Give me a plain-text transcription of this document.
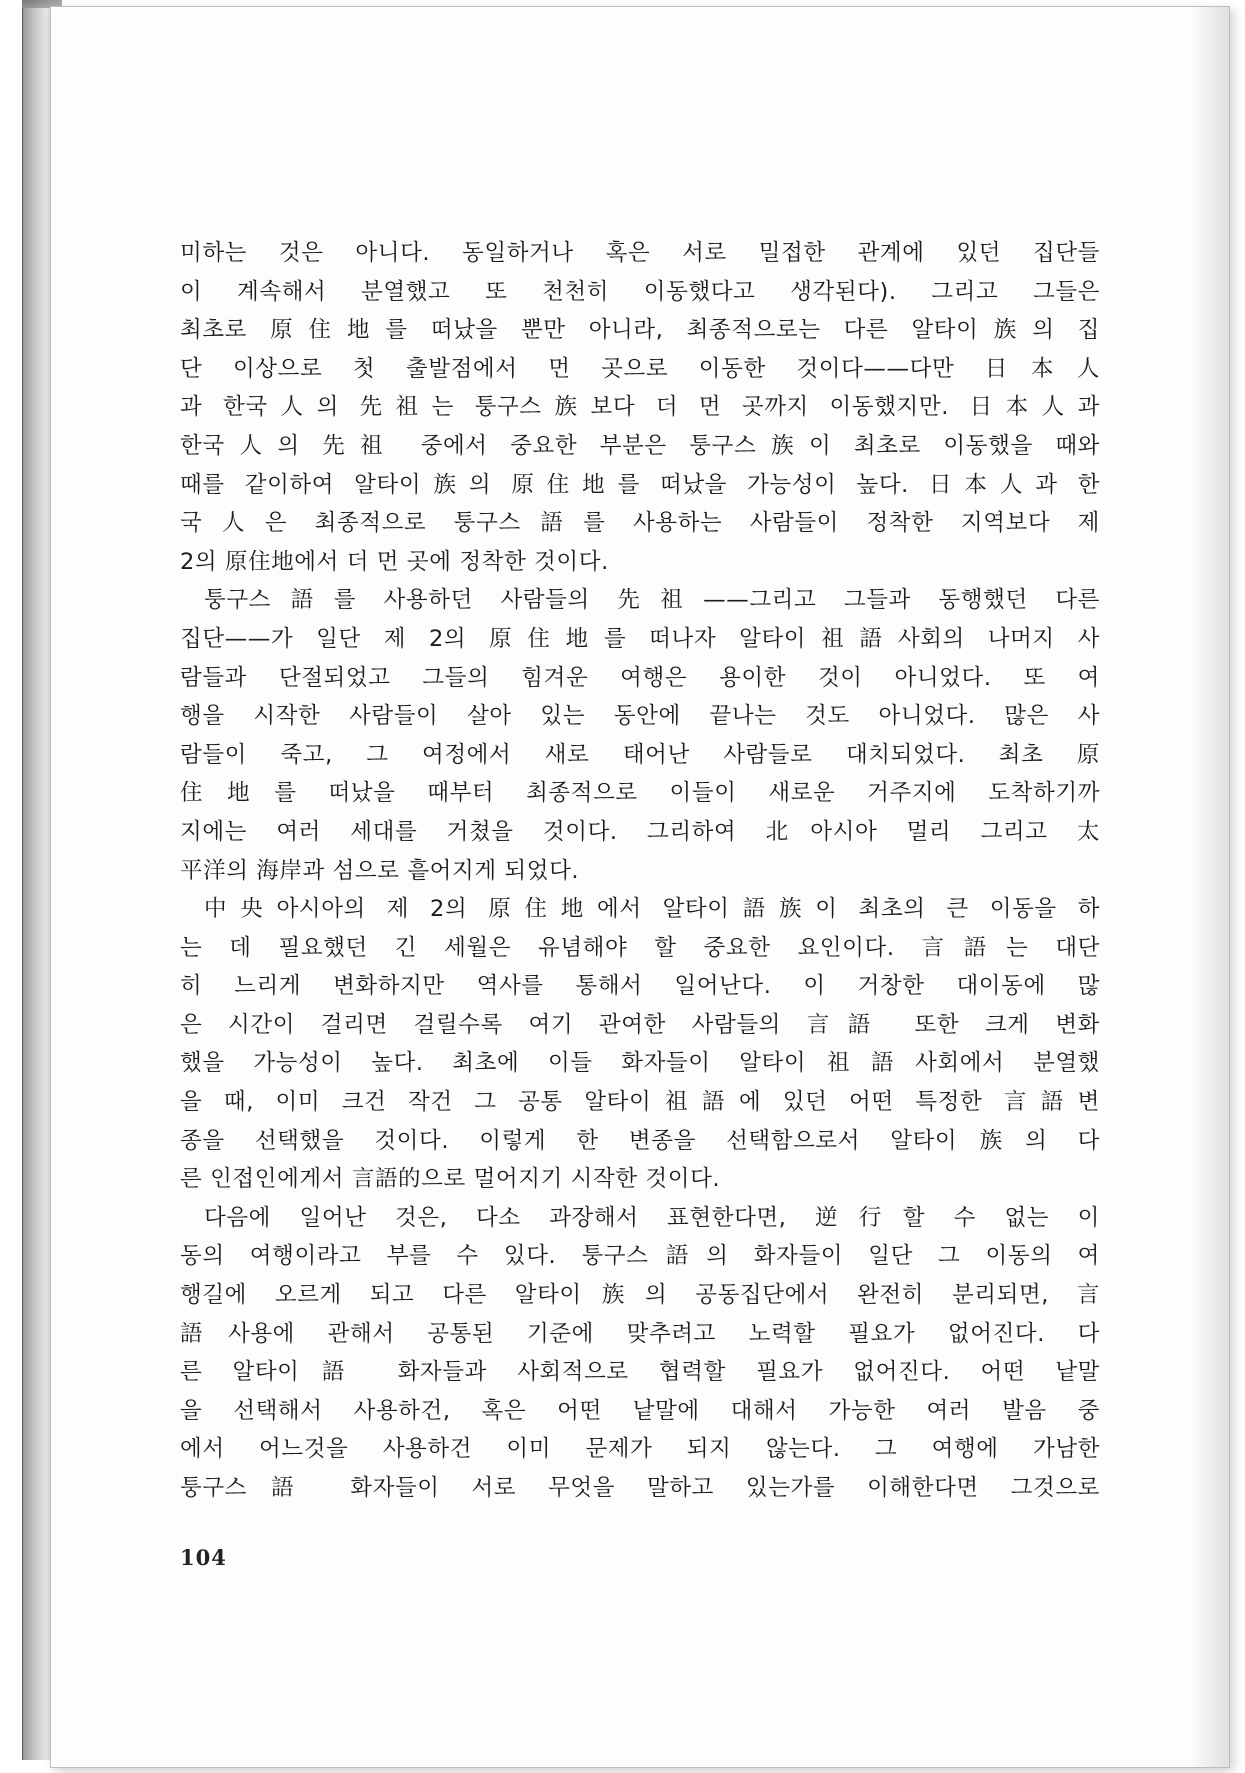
미하는 것은 아니다. 동일하거나 혹은 서로 밀접한 관계에 있던 집단들
이 계속해서 분열했고 또 천천히 이동했다고 생각된다). 그리고 그들은
최초로 原住地를 떠났을 뿐만 아니라, 최종적으로는 다른 알타이族의 집
단 이상으로 첫 출발점에서 먼 곳으로 이동한 것이다——다만 日本人
과 한국人의 先祖는 퉁구스族보다 더 먼 곳까지 이동했지만. 日本人과
한국人의 先祖 중에서 중요한 부분은 퉁구스族이 최초로 이동했을 때와
때를 같이하여 알타이族의 原住地를 떠났을 가능성이 높다. 日本人과 한
국人은 최종적으로 퉁구스語를 사용하는 사람들이 정착한 지역보다 제
2의 原住地에서 더 먼 곳에 정착한 것이다.
퉁구스語를 사용하던 사람들의 先祖——그리고 그들과 동행했던 다른
집단——가 일단 제 2의 原住地를 떠나자 알타이祖語사회의 나머지 사
람들과 단절되었고 그들의 힘겨운 여행은 용이한 것이 아니었다. 또 여
행을 시작한 사람들이 살아 있는 동안에 끝나는 것도 아니었다. 많은 사
람들이 죽고, 그 여정에서 새로 태어난 사람들로 대치되었다. 최초 原
住地를 떠났을 때부터 최종적으로 이들이 새로운 거주지에 도착하기까
지에는 여러 세대를 거쳤을 것이다. 그리하여 北아시아 멀리 그리고 太
平洋의 海岸과 섬으로 흩어지게 되었다.
中央아시아의 제 2의 原住地에서 알타이語族이 최초의 큰 이동을 하
는 데 필요했던 긴 세월은 유념해야 할 중요한 요인이다. 言語는 대단
히 느리게 변화하지만 역사를 통해서 일어난다. 이 거창한 대이동에 많
은 시간이 걸리면 걸릴수록 여기 관여한 사람들의 言語 또한 크게 변화
했을 가능성이 높다. 최초에 이들 화자들이 알타이祖語사회에서 분열했
을 때, 이미 크건 작건 그 공통 알타이祖語에 있던 어떤 특정한 言語변
종을 선택했을 것이다. 이렇게 한 변종을 선택함으로서 알타이族의 다
른 인접인에게서 言語的으로 멀어지기 시작한 것이다.
다음에 일어난 것은, 다소 과장해서 표현한다면, 逆行할 수 없는 이
동의 여행이라고 부를 수 있다. 퉁구스語의 화자들이 일단 그 이동의 여
행길에 오르게 되고 다른 알타이族의 공동집단에서 완전히 분리되면, 言
語사용에 관해서 공통된 기준에 맞추려고 노력할 필요가 없어진다. 다
른 알타이語 화자들과 사회적으로 협력할 필요가 없어진다. 어떤 낱말
을 선택해서 사용하건, 혹은 어떤 낱말에 대해서 가능한 여러 발음 중
에서 어느것을 사용하건 이미 문제가 되지 않는다. 그 여행에 가남한
퉁구스語 화자들이 서로 무엇을 말하고 있는가를 이해한다면 그것으로
104
